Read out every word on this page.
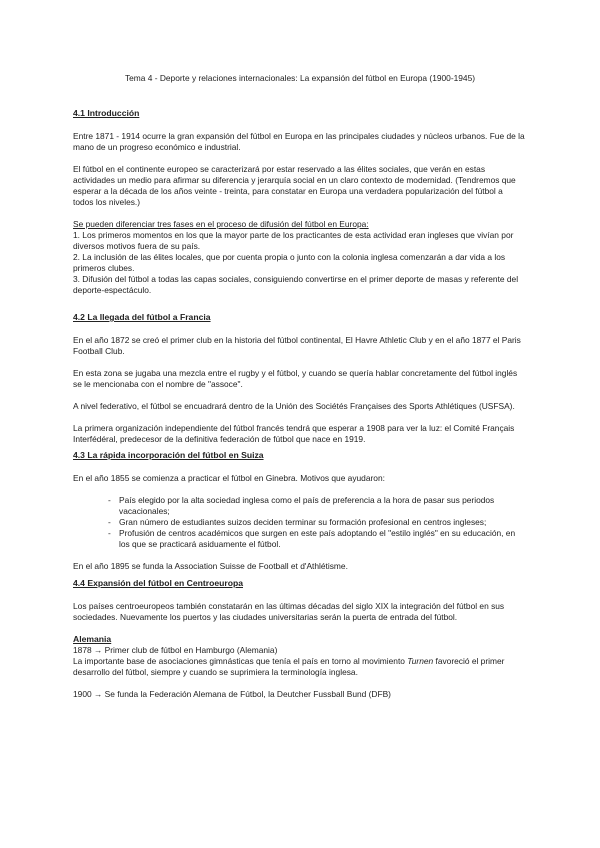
Tema 4 - Deporte y relaciones internacionales: La expansión del fútbol en Europa (1900-1945)
4.1 Introducción

Entre 1871 - 1914 ocurre la gran expansión del fútbol en Europa en las principales ciudades y núcleos urbanos. Fue de la mano de un progreso económico e industrial.

El fútbol en el continente europeo se caracterizará por estar reservado a las élites sociales, que verán en estas actividades un medio para afirmar su diferencia y jerarquía social en un claro contexto de modernidad. (Tendremos que esperar a la década de los años veinte - treinta, para constatar en Europa una verdadera popularización del fútbol a todos los niveles.)

Se pueden diferenciar tres fases en el proceso de difusión del fútbol en Europa:
1. Los primeros momentos en los que la mayor parte de los practicantes de esta actividad eran ingleses que vivían por diversos motivos fuera de su país.
2. La inclusión de las élites locales, que por cuenta propia o junto con la colonia inglesa comenzarán a dar vida a los primeros clubes.
3. Difusión del fútbol a todas las capas sociales, consiguiendo convertirse en el primer deporte de masas y referente del deporte-espectáculo.

4.2 La llegada del fútbol a Francia

En el año 1872 se creó el primer club en la historia del fútbol continental, El Havre Athletic Club y en el año 1877 el Paris Football Club.

En esta zona se jugaba una mezcla entre el rugby y el fútbol, y cuando se quería hablar concretamente del fútbol inglés se le mencionaba con el nombre de "assoce".

A nivel federativo, el fútbol se encuadrará dentro de la Unión des Sociétés Françaises des Sports Athlétiques (USFSA).

La primera organización independiente del fútbol francés tendrá que esperar a 1908 para ver la luz: el Comité Français Interfédéral, predecesor de la definitiva federación de fútbol que nace en 1919.

4.3 La rápida incorporación del fútbol en Suiza

En el año 1855 se comienza a practicar el fútbol en Ginebra. Motivos que ayudaron:

- País elegido por la alta sociedad inglesa como el país de preferencia a la hora de pasar sus periodos vacacionales;
- Gran número de estudiantes suizos deciden terminar su formación profesional en centros ingleses;
- Profusión de centros académicos que surgen en este país adoptando el "estilo inglés" en su educación, en los que se practicará asiduamente el fútbol.

En el año 1895 se funda la Association Suisse de Football et d'Athlétisme.

4.4 Expansión del fútbol en Centroeuropa

Los países centroeuropeos también constatarán en las últimas décadas del siglo XIX la integración del fútbol en sus sociedades. Nuevamente los puertos y las ciudades universitarias serán la puerta de entrada del fútbol.

Alemania
1878 → Primer club de fútbol en Hamburgo (Alemania)

La importante base de asociaciones gimnásticas que tenía el país en torno al movimiento Turnen favoreció el primer desarrollo del fútbol, siempre y cuando se suprimiera la terminología inglesa.

1900 → Se funda la Federación Alemana de Fútbol, la Deutcher Fussball Bund (DFB)
